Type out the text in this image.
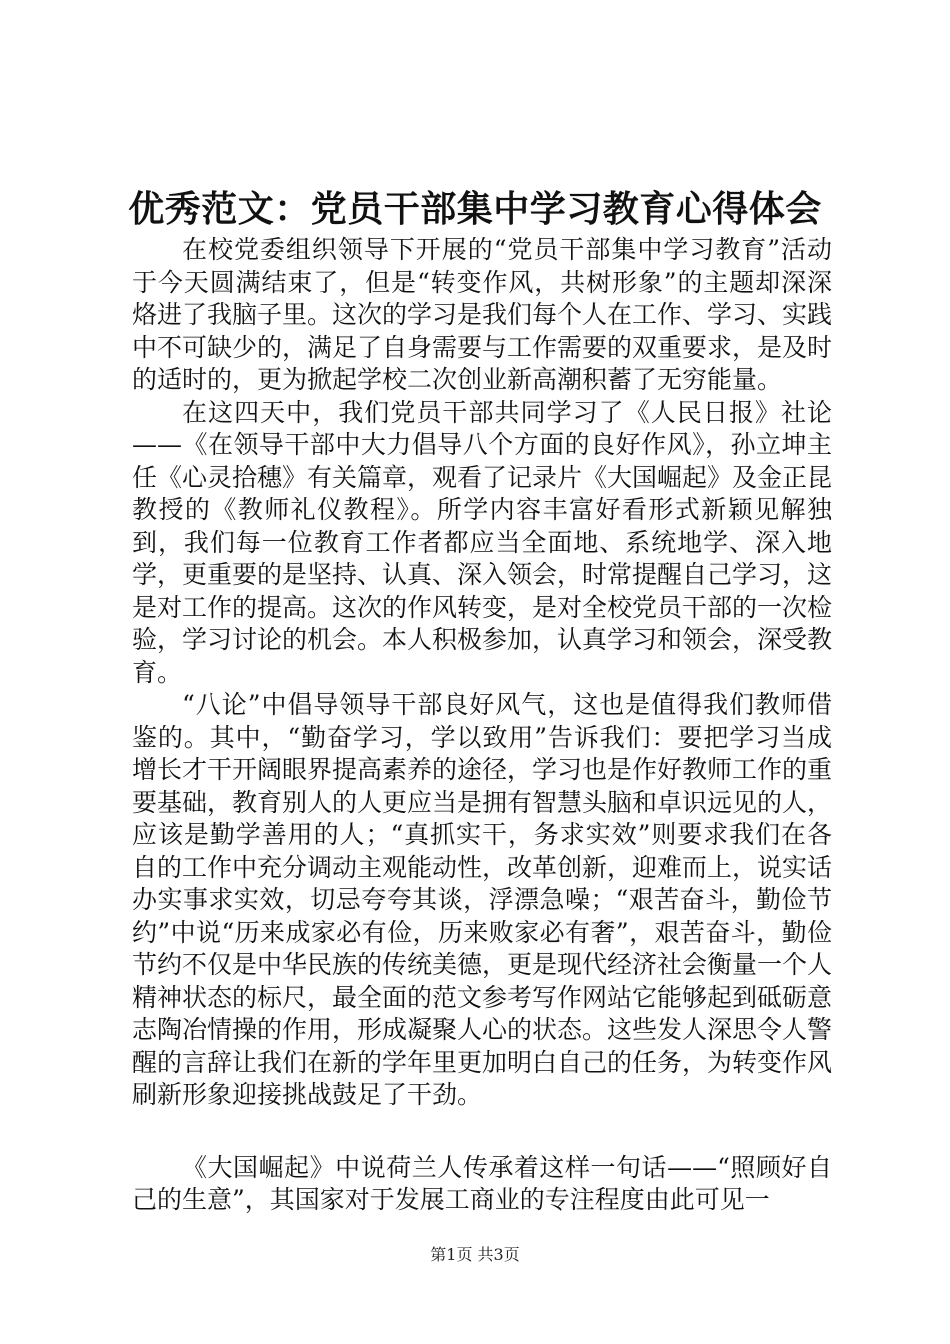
优秀范文：党员干部集中学习教育心得体会

在校党委组织领导下开展的“党员干部集中学习教育”活动于今天圆满结束了，但是“转变作风，共树形象”的主题却深深烙进了我脑子里。这次的学习是我们每个人在工作、学习、实践中不可缺少的，满足了自身需要与工作需要的双重要求，是及时的适时的，更为掀起学校二次创业新高潮积蓄了无穷能量。

在这四天中，我们党员干部共同学习了《人民日报》社论——《在领导干部中大力倡导八个方面的良好作风》，孙立坤主任《心灵拾穗》有关篇章，观看了记录片《大国崛起》及金正昆教授的《教师礼仪教程》。所学内容丰富好看形式新颖见解独到，我们每一位教育工作者都应当全面地、系统地学、深入地学，更重要的是坚持、认真、深入领会，时常提醒自己学习，这是对工作的提高。这次的作风转变，是对全校党员干部的一次检验，学习讨论的机会。本人积极参加，认真学习和领会，深受教育。

“八论”中倡导领导干部良好风气，这也是值得我们教师借鉴的。其中，“勤奋学习，学以致用”告诉我们：要把学习当成增长才干开阔眼界提高素养的途径，学习也是作好教师工作的重要基础，教育别人的人更应当是拥有智慧头脑和卓识远见的人，应该是勤学善用的人；“真抓实干，务求实效”则要求我们在各自的工作中充分调动主观能动性，改革创新，迎难而上，说实话办实事求实效，切忌夸夸其谈，浮漂急噪；“艰苦奋斗，勤俭节约”中说“历来成家必有俭，历来败家必有奢”，艰苦奋斗，勤俭节约不仅是中华民族的传统美德，更是现代经济社会衡量一个人精神状态的标尺，最全面的范文参考写作网站它能够起到砥砺意志陶冶情操的作用，形成凝聚人心的状态。这些发人深思令人警醒的言辞让我们在新的学年里更加明白自己的任务，为转变作风刷新形象迎接挑战鼓足了干劲。

《大国崛起》中说荷兰人传承着这样一句话——“照顾好自己的生意”，其国家对于发展工商业的专注程度由此可见一

第1页 共3页
